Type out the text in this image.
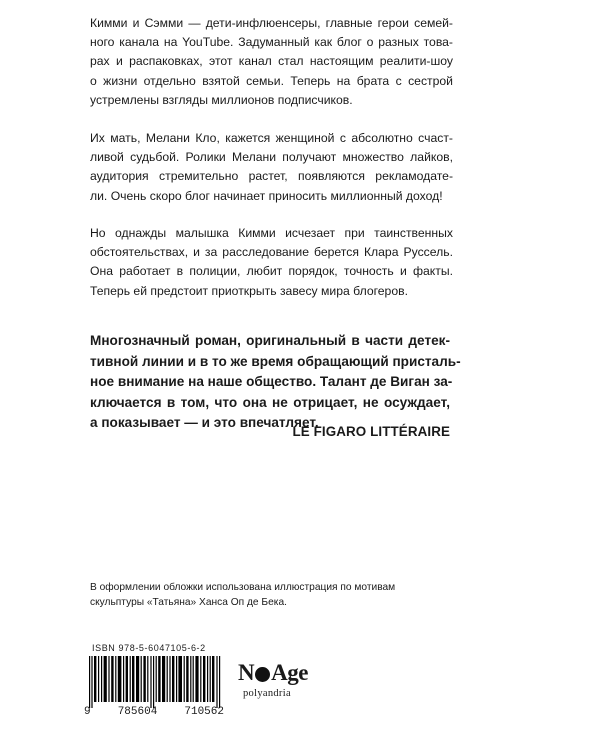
Кимми и Сэмми — дети-инфлюенсеры, главные герои семей-
ного канала на YouTube. Задуманный как блог о разных това-
рах и распаковках, этот канал стал настоящим реалити-шоу
о жизни отдельно взятой семьи. Теперь на брата с сестрой
устремлены взгляды миллионов подписчиков.

Их мать, Мелани Кло, кажется женщиной с абсолютно счаст-
ливой судьбой. Ролики Мелани получают множество лайков,
аудитория стремительно растет, появляются рекламодате-
ли. Очень скоро блог начинает приносить миллионный доход!

Но однажды малышка Кимми исчезает при таинственных
обстоятельствах, и за расследование берется Клара Руссель.
Она работает в полиции, любит порядок, точность и факты.
Теперь ей предстоит приоткрыть завесу мира блогеров.

Многозначный роман, оригинальный в части детек-
тивной линии и в то же время обращающий присталь-
ное внимание на наше общество. Талант де Виган за-
ключается в том, что она не отрицает, не осуждает,
а показывает — и это впечатляет.

LE FIGARO LITTÉRAIRE

В оформлении обложки использована иллюстрация по мотивам
скульптуры «Татьяна» Ханса Оп де Бека.

ISBN 978-5-6047105-6-2
9 785604 710562
N Age
polyandria
